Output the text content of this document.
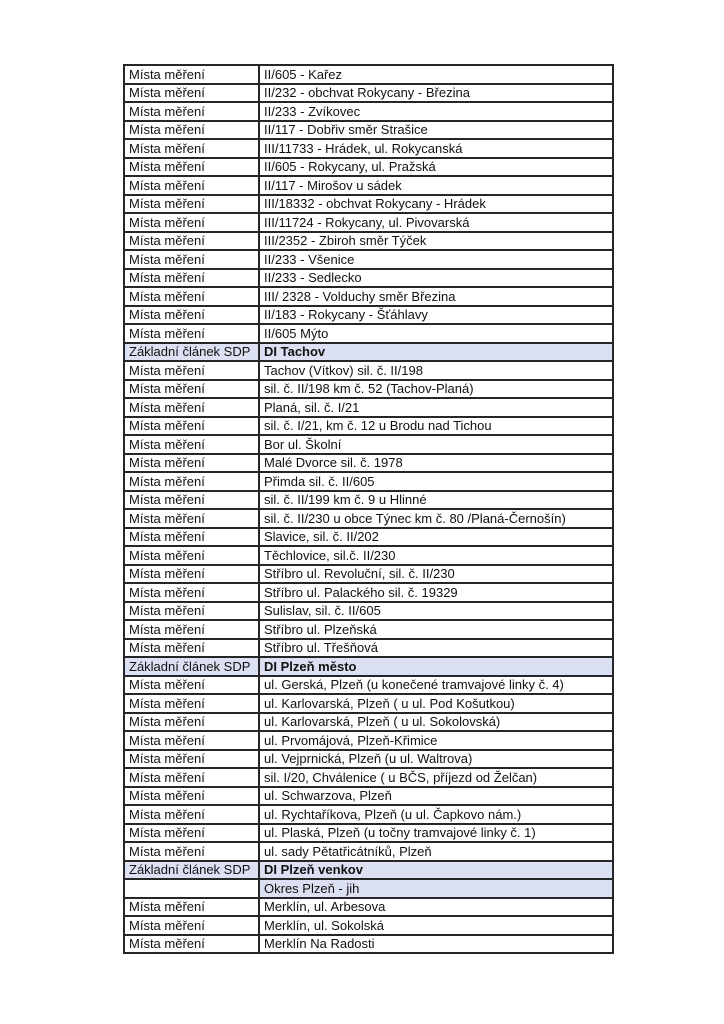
Místa měření	II/605 - Kařez
Místa měření	II/232 - obchvat Rokycany - Březina
Místa měření	II/233 - Zvíkovec
Místa měření	II/117 - Dobřiv směr Strašice
Místa měření	III/11733 - Hrádek, ul. Rokycanská
Místa měření	II/605 - Rokycany, ul. Pražská
Místa měření	II/117 - Mirošov u sádek
Místa měření	III/18332 - obchvat Rokycany - Hrádek
Místa měření	III/11724 - Rokycany, ul. Pivovarská
Místa měření	III/2352 - Zbiroh směr Týček
Místa měření	II/233 - Všenice
Místa měření	II/233 - Sedlecko
Místa měření	III/ 2328 - Volduchy směr Březina
Místa měření	II/183 - Rokycany - Šťáhlavy
Místa měření	II/605 Mýto
Základní článek SDP	DI Tachov
Místa měření	Tachov (Vítkov) sil. č. II/198
Místa měření	sil. č. II/198 km č. 52 (Tachov-Planá)
Místa měření	Planá, sil. č. I/21
Místa měření	sil. č. I/21, km č. 12 u Brodu nad Tichou
Místa měření	Bor ul. Školní
Místa měření	Malé Dvorce sil. č. 1978
Místa měření	Přimda sil. č. II/605
Místa měření	sil. č. II/199 km č. 9 u Hlinné
Místa měření	sil. č. II/230 u obce Týnec km č. 80 /Planá-Černošín)
Místa měření	Slavice, sil. č. II/202
Místa měření	Těchlovice, sil.č. II/230
Místa měření	Stříbro ul. Revoluční, sil. č. II/230
Místa měření	Stříbro ul. Palackého sil. č. 19329
Místa měření	Sulislav, sil. č. II/605
Místa měření	Stříbro ul. Plzeňská
Místa měření	Stříbro ul. Třešňová
Základní článek SDP	DI Plzeň město
Místa měření	ul. Gerská, Plzeň (u konečené tramvajové linky č. 4)
Místa měření	ul. Karlovarská, Plzeň ( u ul. Pod Košutkou)
Místa měření	ul. Karlovarská, Plzeň ( u ul. Sokolovská)
Místa měření	ul. Prvomájová, Plzeň-Křimice
Místa měření	ul. Vejprnická, Plzeň (u ul. Waltrova)
Místa měření	sil. I/20, Chválenice ( u BČS, příjezd od Želčan)
Místa měření	ul. Schwarzova, Plzeň
Místa měření	ul. Rychtaříkova, Plzeň (u ul. Čapkovo nám.)
Místa měření	ul. Plaská, Plzeň (u točny tramvajové linky č. 1)
Místa měření	ul. sady Pětatřicátníků, Plzeň
Základní článek SDP	DI Plzeň venkov
	Okres Plzeň - jih
Místa měření	Merklín, ul. Arbesova
Místa měření	Merklín, ul. Sokolská
Místa měření	Merklín Na Radosti
